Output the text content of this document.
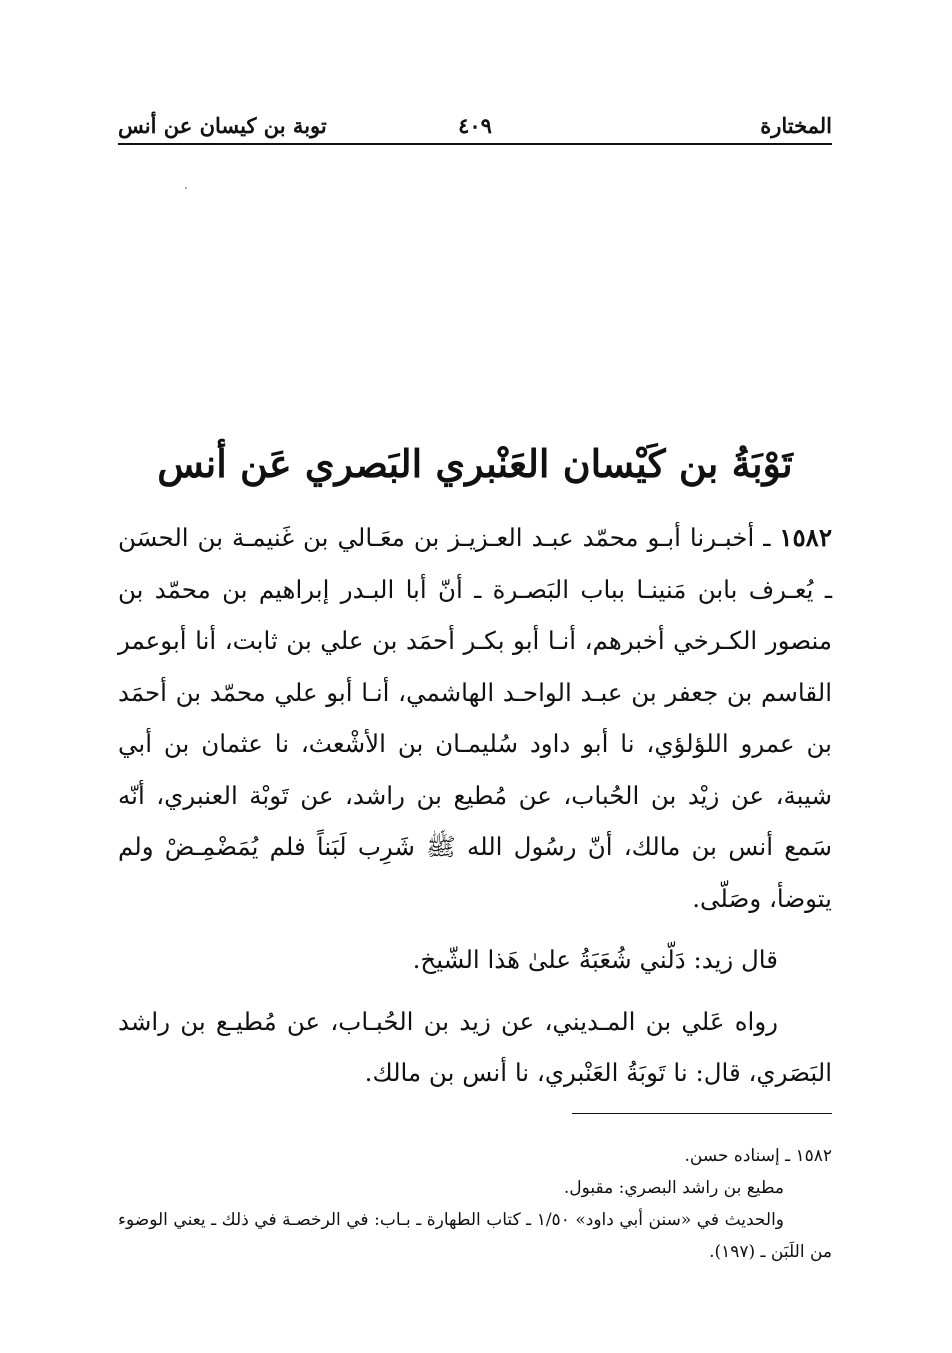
المختارة
٤٠٩
توبة بن كيسان عن أنس
تَوْبَةُ بن كَيْسان العَنْبري البَصري عَن أنس

١٥٨٢ ـ أخبـرنا أبـو محمّد عبـد العـزيـز بن معَـالي بن غَنيمـة بن الحسَن ـ يُعـرف بابن مَنينـا بباب البَصـرة ـ أنّ أبا البـدر إبراهيم بن محمّد بن منصور الكـرخي أخبرهم، أنـا أبو بكـر أحمَد بن علي بن ثابت، أنا أبوعمر القاسم بن جعفر بن عبـد الواحـد الهاشمي، أنـا أبو علي محمّد بن أحمَد بن عمرو اللؤلؤي، نا أبو داود سُليمـان بن الأشْعث، نا عثمان بن أبي شيبة، عن زيْد بن الحُباب، عن مُطيع بن راشد، عن تَوبْة العنبري، أنّه سَمع أنس بن مالك، أنّ رسُول الله ﷺ شَرِب لَبَناً فلم يُمَضْمِـضْ ولم يتوضأ، وصَلّى.

قال زيد: دَلّني شُعَبَةُ علىٰ هَذا الشّيخ.

رواه عَلي بن المـديني، عن زيد بن الحُبـاب، عن مُطيـع بن راشد البَصَري، قال: نا تَوبَةُ العَنْبري، نا أنس بن مالك.

١٥٨٢ ـ إسناده حسن.

مطيع بن راشد البصري: مقبول.

والحديث في «سنن أبي داود» ١/٥٠ ـ كتاب الطهارة ـ بـاب: في الرخصـة في ذلك ـ يعني الوضوء من اللَبَن ـ (١٩٧).
